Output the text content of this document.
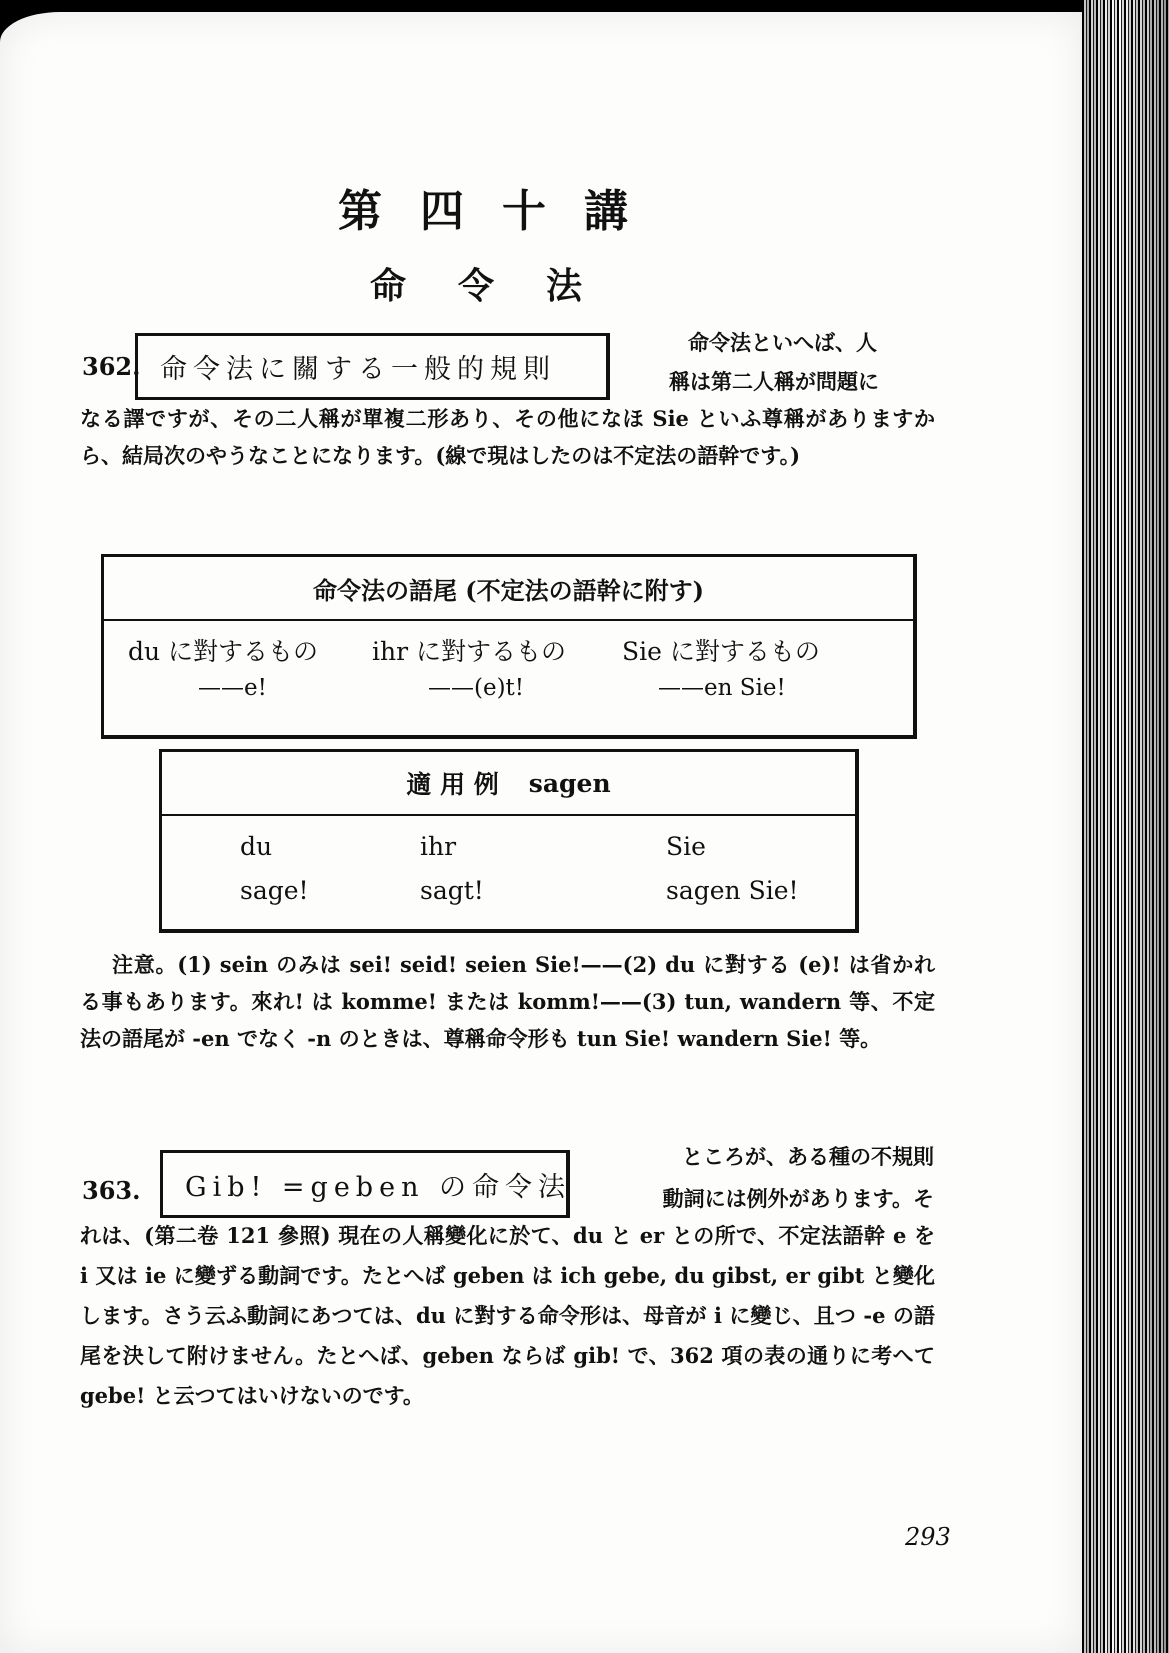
第四十講
命令法
362. 命令法に關する一般的規則
命令法といへば、人
稱は第二人稱が問題に

なる譯ですが、その二人稱が單複二形あり、その他になほ Sie といふ尊稱がありますから、結局次のやうなことになります。(線で現はしたのは不定法の語幹です。)

命令法の語尾 (不定法の語幹に附す)
du に對するもの ihr に對するもの Sie に對するもの
——e!	——(e)t!	——en Sie!
適 用 例 sagen
du	ihr	Sie
sage!	sagt!	sagen Sie!

注意。(1) sein のみは sei! seid! seien Sie!——(2) du に對する (e)! は省かれる事もあります。來れ! は komme! または komm!——(3) tun, wandern 等、不定法の語尾が -en でなく -n のときは、尊稱命令形も tun Sie! wandern Sie! 等。

363.	Gib! =geben の命令法
ところが、ある種の不規則
動詞には例外があります。そ

れは、(第二卷 121 參照) 現在の人稱變化に於て、du と er との所で、不定法語幹 e を i 又は ie に變ずる動詞です。たとへば geben は ich gebe, du gibst, er gibt と變化します。さう云ふ動詞にあつては、du に對する命令形は、母音が i に變じ、且つ -e の語尾を決して附けません。たとへば、geben ならば gib! で、362 項の表の通りに考へて gebe! と云つてはいけないのです。

293
